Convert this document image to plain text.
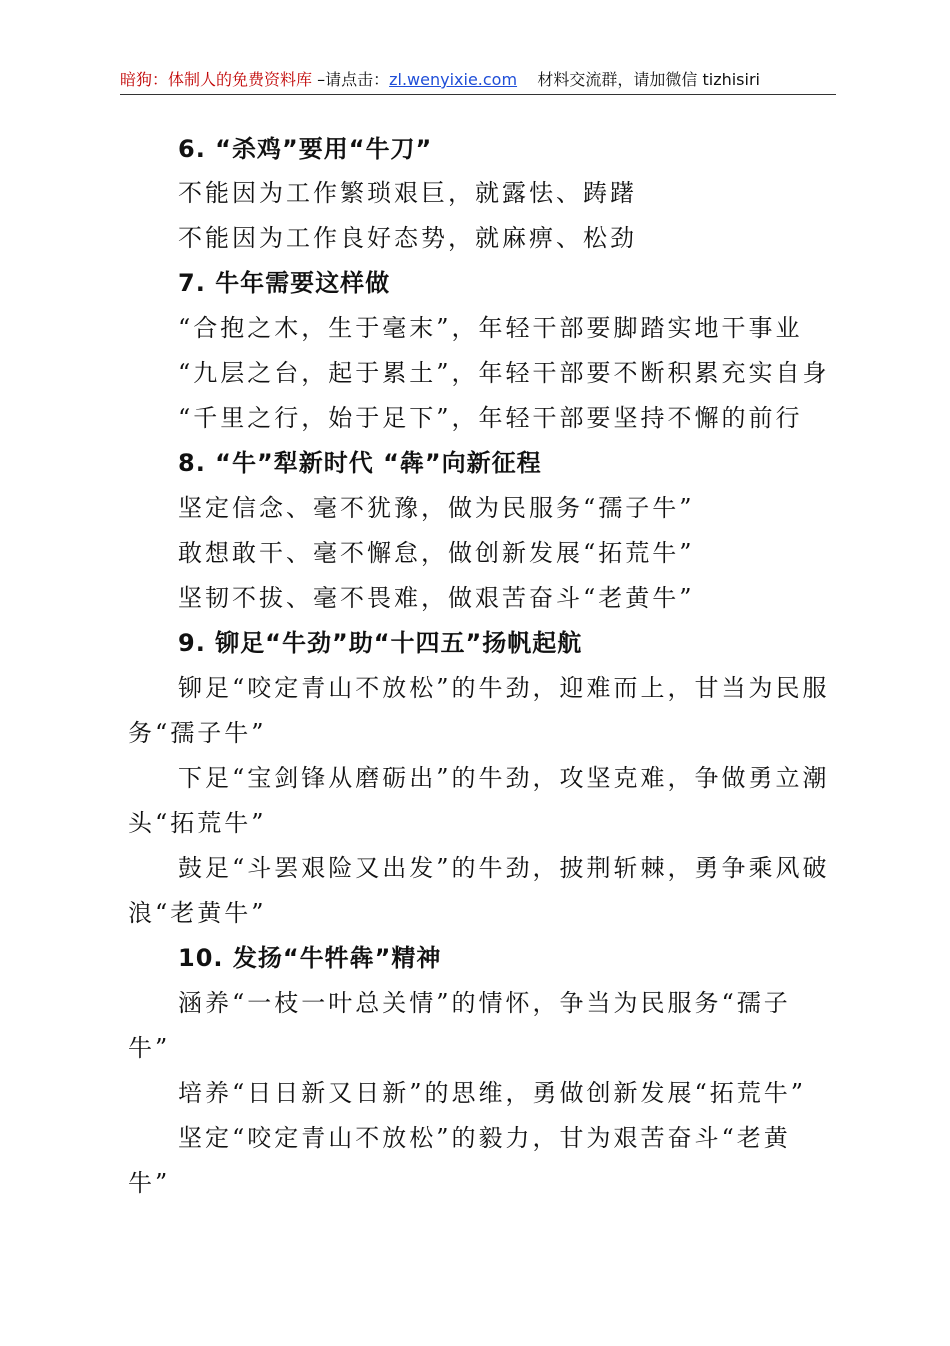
暗狗：体制人的免费资料库 –请点击：zl.wenyixie.com 材料交流群，请加微信 tizhisiri
6. “杀鸡”要用“牛刀”
不能因为工作繁琐艰巨，就露怯、踌躇
不能因为工作良好态势，就麻痹、松劲
7. 牛年需要这样做
“合抱之木，生于毫末”，年轻干部要脚踏实地干事业
“九层之台，起于累土”，年轻干部要不断积累充实自身
“千里之行，始于足下”，年轻干部要坚持不懈的前行
8. “牛”犁新时代 “犇”向新征程
坚定信念、毫不犹豫，做为民服务“孺子牛”
敢想敢干、毫不懈怠，做创新发展“拓荒牛”
坚韧不拔、毫不畏难，做艰苦奋斗“老黄牛”
9. 铆足“牛劲”助“十四五”扬帆起航
铆足“咬定青山不放松”的牛劲，迎难而上，甘当为民服
务“孺子牛”
下足“宝剑锋从磨砺出”的牛劲，攻坚克难，争做勇立潮
头“拓荒牛”
鼓足“斗罢艰险又出发”的牛劲，披荆斩棘，勇争乘风破
浪“老黄牛”
10. 发扬“牛牪犇”精神
涵养“一枝一叶总关情”的情怀，争当为民服务“孺子
牛”
培养“日日新又日新”的思维，勇做创新发展“拓荒牛”
坚定“咬定青山不放松”的毅力，甘为艰苦奋斗“老黄
牛”
